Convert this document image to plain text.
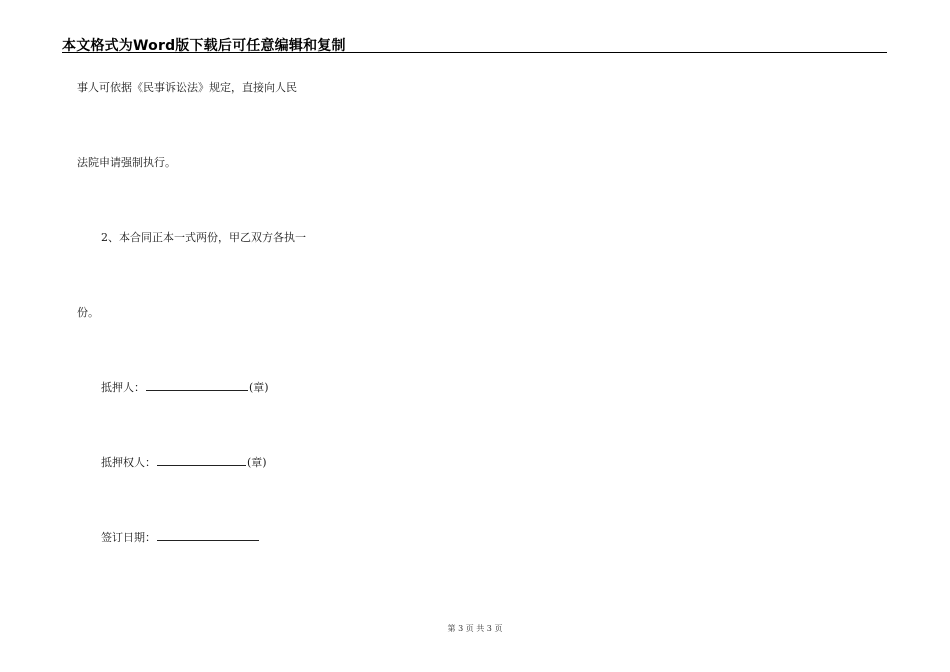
本文格式为Word版下载后可任意编辑和复制
事人可依据《民事诉讼法》规定，直接向人民
法院申请强制执行。
2、本合同正本一式两份，甲乙双方各执一
份。
抵押人：	(章)
抵押权人：	(章)
签订日期：
第 3 页 共 3 页
